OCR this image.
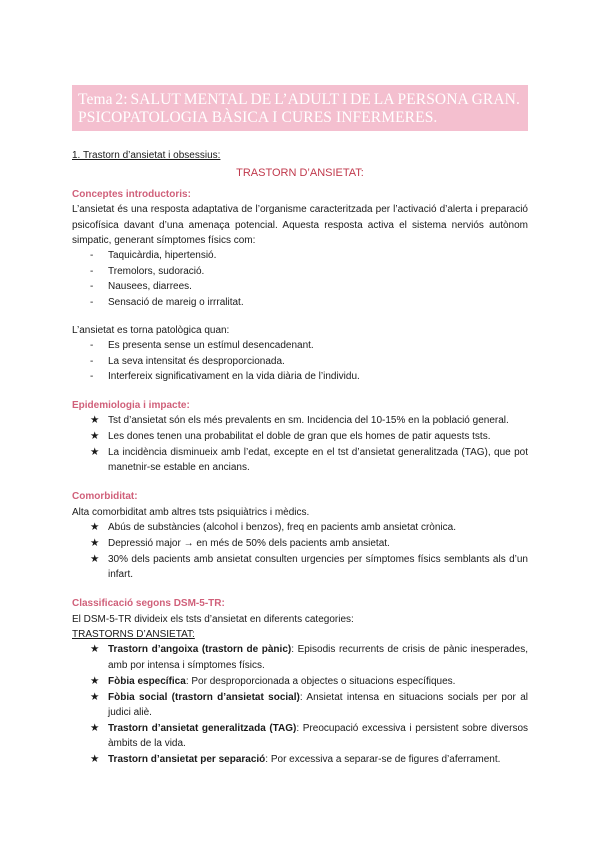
Tema 2: SALUT MENTAL DE L’ADULT I DE LA PERSONA GRAN.
PSICOPATOLOGIA BÀSICA I CURES INFERMERES.
1. Trastorn d’ansietat i obsessius:
TRASTORN D’ANSIETAT:
Conceptes introductoris:
L’ansietat és una resposta adaptativa de l’organisme caracteritzada per l’activació d’alerta i preparació psicofísica davant d’una amenaça potencial. Aquesta resposta activa el sistema nerviós autònom simpatic, generant símptomes físics com:
- Taquicàrdia, hipertensió.
- Tremolors, sudoració.
- Nausees, diarrees.
- Sensació de mareig o irrralitat.
L’ansietat es torna patològica quan:
- Es presenta sense un estímul desencadenant.
- La seva intensitat és desproporcionada.
- Interfereix significativament en la vida diària de l’individu.
Epidemiologia i impacte:
★ Tst d’ansietat són els més prevalents en sm. Incidencia del 10-15% en la població general.
★ Les dones tenen una probabilitat el doble de gran que els homes de patir aquests tsts.
★ La incidència disminueix amb l’edat, excepte en el tst d’ansietat generalitzada (TAG), que pot manetnir-se estable en ancians.
Comorbiditat:
Alta comorbiditat amb altres tsts psiquiàtrics i mèdics.
★ Abús de substàncies (alcohol i benzos), freq en pacients amb ansietat crònica.
★ Depressió major → en més de 50% dels pacients amb ansietat.
★ 30% dels pacients amb ansietat consulten urgencies per símptomes físics semblants als d’un infart.
Classificació segons DSM-5-TR:
El DSM-5-TR divideix els tsts d’ansietat en diferents categories:
TRASTORNS D’ANSIETAT:
★ Trastorn d’angoixa (trastorn de pànic): Episodis recurrents de crisis de pànic inesperades, amb por intensa i símptomes físics.
★ Fòbia específica: Por desproporcionada a objectes o situacions específiques.
★ Fòbia social (trastorn d’ansietat social): Ansietat intensa en situacions socials per por al judici aliè.
★ Trastorn d’ansietat generalitzada (TAG): Preocupació excessiva i persistent sobre diversos àmbits de la vida.
★ Trastorn d’ansietat per separació: Por excessiva a separar-se de figures d’aferrament.
